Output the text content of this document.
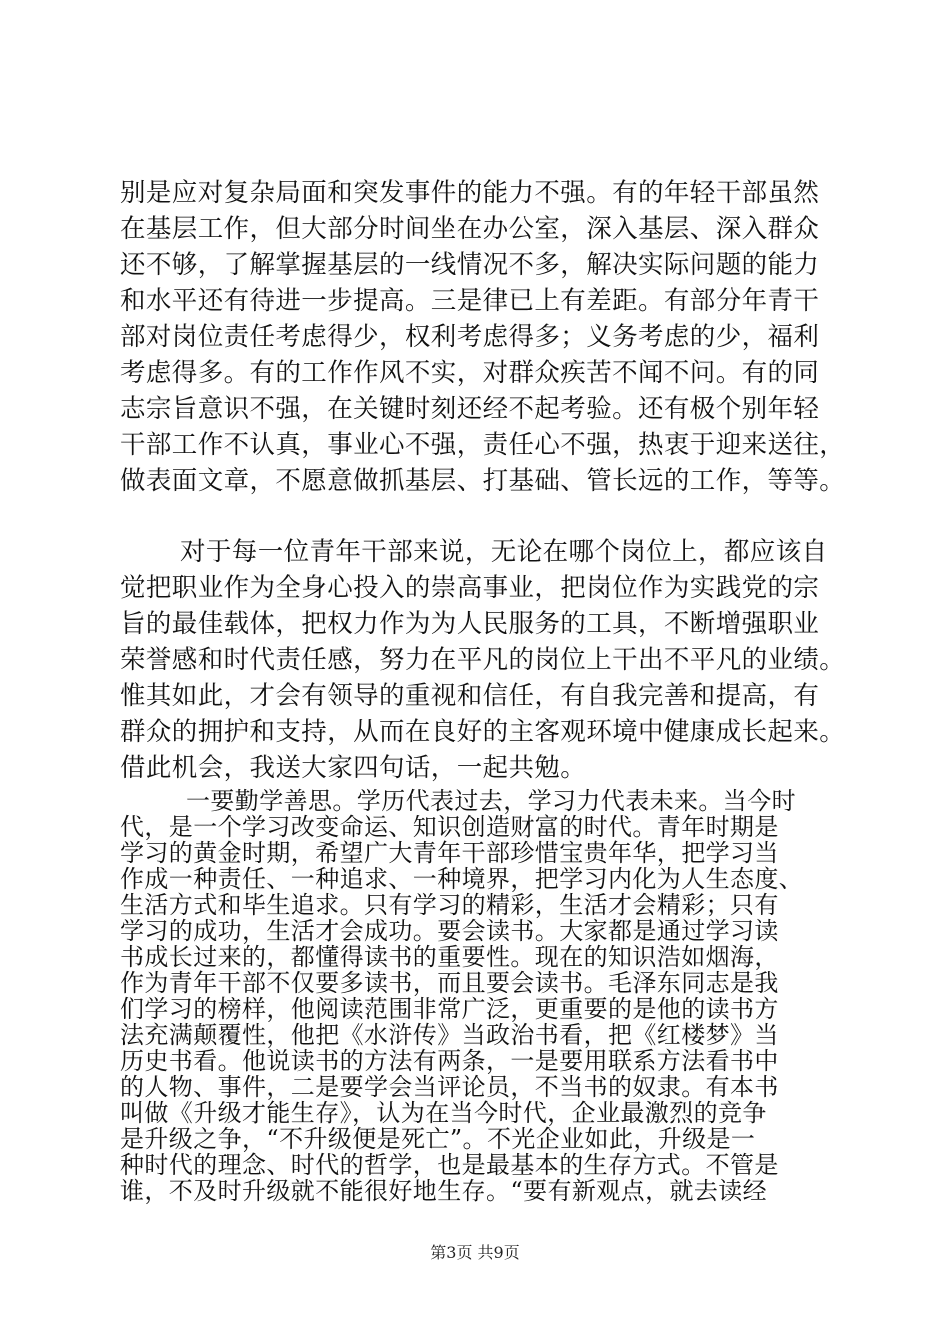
别是应对复杂局面和突发事件的能力不强。有的年轻干部虽然
在基层工作，但大部分时间坐在办公室，深入基层、深入群众
还不够，了解掌握基层的一线情况不多，解决实际问题的能力
和水平还有待进一步提高。三是律已上有差距。有部分年青干
部对岗位责任考虑得少，权利考虑得多；义务考虑的少，福利
考虑得多。有的工作作风不实，对群众疾苦不闻不问。有的同
志宗旨意识不强，在关键时刻还经不起考验。还有极个别年轻
干部工作不认真，事业心不强，责任心不强，热衷于迎来送往，
做表面文章，不愿意做抓基层、打基础、管长远的工作，等等。
对于每一位青年干部来说，无论在哪个岗位上，都应该自
觉把职业作为全身心投入的崇高事业，把岗位作为实践党的宗
旨的最佳载体，把权力作为为人民服务的工具，不断增强职业
荣誉感和时代责任感，努力在平凡的岗位上干出不平凡的业绩。
惟其如此，才会有领导的重视和信任，有自我完善和提高，有
群众的拥护和支持，从而在良好的主客观环境中健康成长起来。
借此机会，我送大家四句话，一起共勉。
一要勤学善思。学历代表过去，学习力代表未来。当今时
代，是一个学习改变命运、知识创造财富的时代。青年时期是
学习的黄金时期，希望广大青年干部珍惜宝贵年华，把学习当
作成一种责任、一种追求、一种境界，把学习内化为人生态度、
生活方式和毕生追求。只有学习的精彩，生活才会精彩；只有
学习的成功，生活才会成功。要会读书。大家都是通过学习读
书成长过来的，都懂得读书的重要性。现在的知识浩如烟海，
作为青年干部不仅要多读书，而且要会读书。毛泽东同志是我
们学习的榜样，他阅读范围非常广泛，更重要的是他的读书方
法充满颠覆性，他把《水浒传》当政治书看，把《红楼梦》当
历史书看。他说读书的方法有两条，一是要用联系方法看书中
的人物、事件，二是要学会当评论员，不当书的奴隶。有本书
叫做《升级才能生存》，认为在当今时代，企业最激烈的竞争
是升级之争，“不升级便是死亡”。不光企业如此，升级是一
种时代的理念、时代的哲学，也是最基本的生存方式。不管是
谁，不及时升级就不能很好地生存。“要有新观点，就去读经
第3页 共9页
